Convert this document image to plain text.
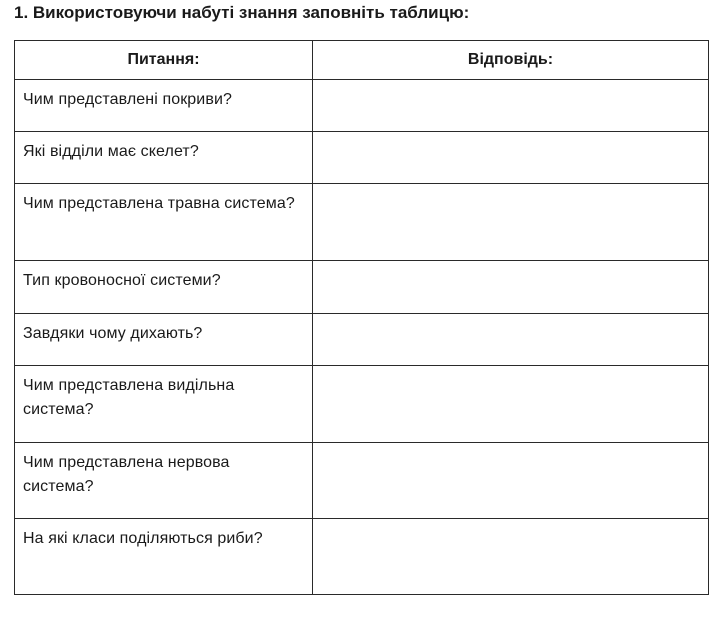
1. Використовуючи набуті знання заповніть таблицю:
Питання:	Відповідь:
Чим представлені покриви?	
Які відділи має скелет?	
Чим представлена травна система?	
Тип кровоносної системи?	
Завдяки чому дихають?	
Чим представлена видільна система?	
Чим представлена нервова система?	
На які класи поділяються риби?	
